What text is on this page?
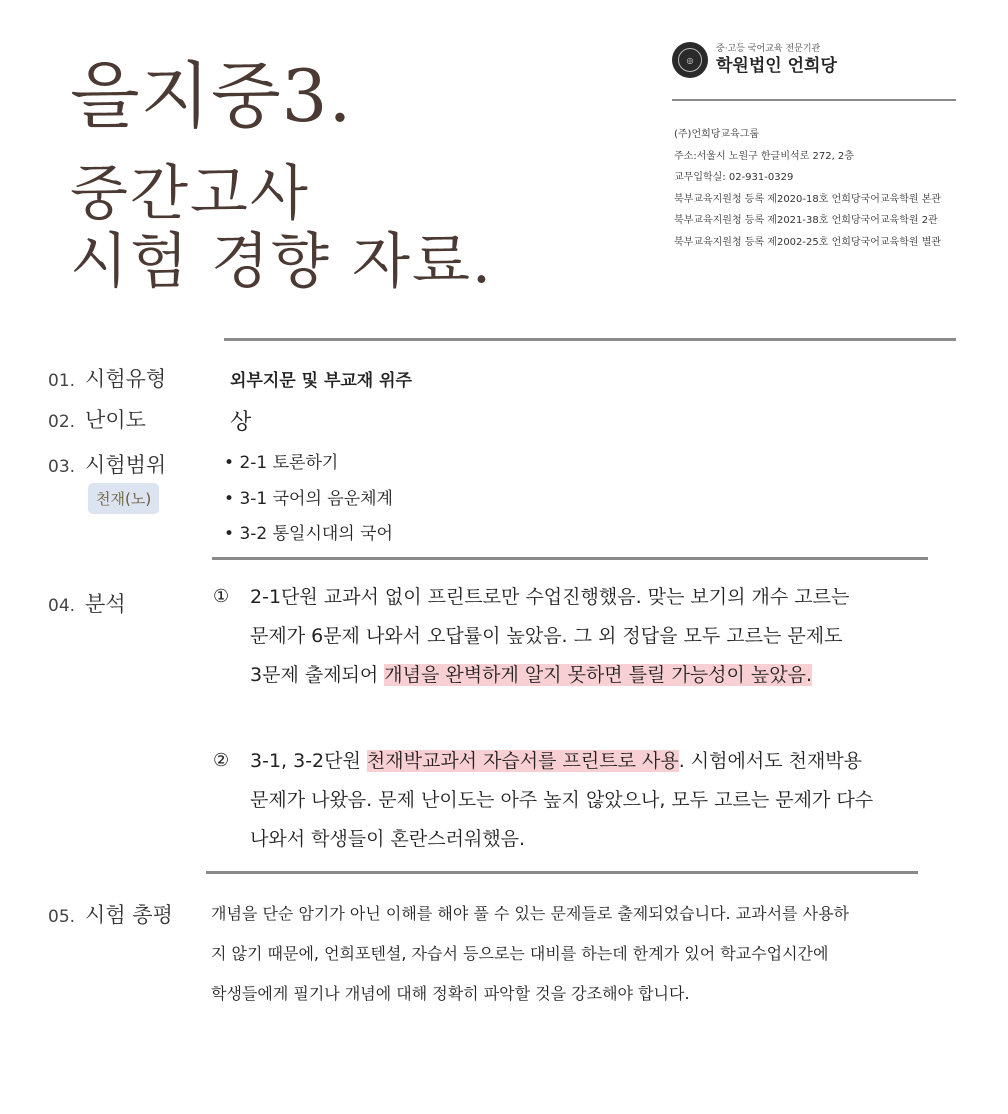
을지중3.
중간고사
시험 경향 자료.
◎
중·고등 국어교육 전문기관
학원법인 언희당
(주)언희당교육그룹
주소:서울시 노원구 한글비석로 272, 2층
교무입학실: 02-931-0329
북부교육지원청 등록 제2020-18호 언희당국어교육학원 본관
북부교육지원청 등록 제2021-38호 언희당국어교육학원 2관
북부교육지원청 등록 제2002-25호 언희당국어교육학원 별관
01. 시험유형	외부지문 및 부교재 위주
02. 난이도	상
03. 시험범위
천재(노)
• 2-1 토론하기
• 3-1 국어의 음운체계
• 3-2 통일시대의 국어
04. 분석	① 2-1단원 교과서 없이 프린트로만 수업진행했음. 맞는 보기의 개수 고르는
문제가 6문제 나와서 오답률이 높았음. 그 외 정답을 모두 고르는 문제도
3문제 출제되어 개념을 완벽하게 알지 못하면 틀릴 가능성이 높았음.
② 3-1, 3-2단원 천재박교과서 자습서를 프린트로 사용. 시험에서도 천재박용
문제가 나왔음. 문제 난이도는 아주 높지 않았으나, 모두 고르는 문제가 다수
나와서 학생들이 혼란스러워했음.
05. 시험 총평 개념을 단순 암기가 아닌 이해를 해야 풀 수 있는 문제들로 출제되었습니다. 교과서를 사용하
지 않기 때문에, 언희포텐셜, 자습서 등으로는 대비를 하는데 한계가 있어 학교수업시간에
학생들에게 필기나 개념에 대해 정확히 파악할 것을 강조해야 합니다.
